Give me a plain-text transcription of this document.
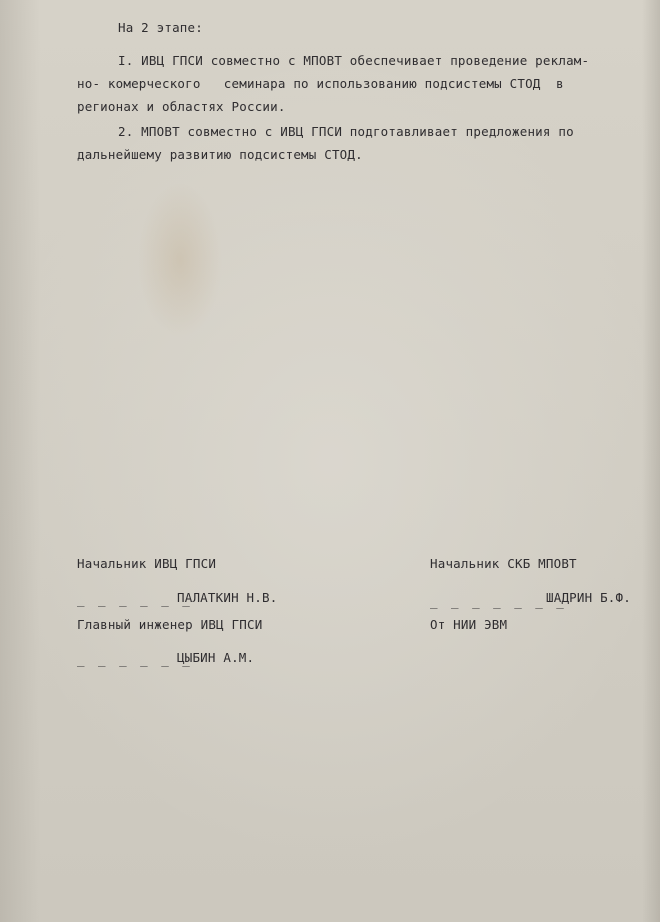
На 2 этапе:
I. ИВЦ ГПСИ совместно с МПОВТ обеспечивает проведение реклам-
но- комерческого   семинара по использованию подсистемы СТОД  в
регионах и областях России.
2. МПОВТ совместно с ИВЦ ГПСИ подготавливает предложения по
дальнейшему развитию подсистемы СТОД.
Начальник ИВЦ ГПСИ
_ _ _ _ _ _
ПАЛАТКИН Н.В.
Главный инженер ИВЦ ГПСИ
_ _ _ _ _ _
ЦЫБИН А.М.
Начальник СКБ МПОВТ
_ _ _ _ _ _ _
ШАДРИН Б.Ф.
От НИИ ЭВМ
